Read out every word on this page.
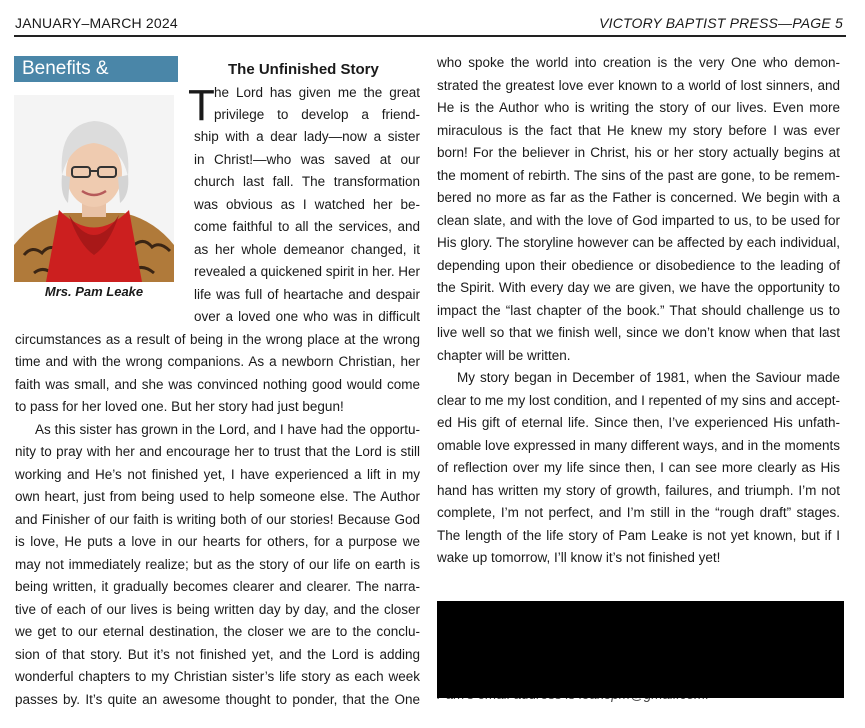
JANUARY–MARCH 2024	VICTORY BAPTIST PRESS—PAGE 5
Benefits &
Mrs. Pam Leake
The Unfinished Story
T he Lord has given me the great
privilege to develop a friend-
ship with a dear lady—now a sister
in Christ!—who was saved at our
church last fall. The transformation
was obvious as I watched her be-
come faithful to all the services, and
as her whole demeanor changed, it
revealed a quickened spirit in her. Her
life was full of heartache and despair
over a loved one who was in difficult
circumstances as a result of being in the wrong place at the wrong
time and with the wrong companions. As a newborn Christian, her
faith was small, and she was convinced nothing good would come
to pass for her loved one. But her story had just begun!
As this sister has grown in the Lord, and I have had the opportu-
nity to pray with her and encourage her to trust that the Lord is still
working and He’s not finished yet, I have experienced a lift in my
own heart, just from being used to help someone else. The Author
and Finisher of our faith is writing both of our stories! Because God
is love, He puts a love in our hearts for others, for a purpose we
may not immediately realize; but as the story of our life on earth is
being written, it gradually becomes clearer and clearer. The narra-
tive of each of our lives is being written day by day, and the closer
we get to our eternal destination, the closer we are to the conclu-
sion of that story. But it’s not finished yet, and the Lord is adding
wonderful chapters to my Christian sister’s life story as each week
passes by. It’s quite an awesome thought to ponder, that the One
who spoke the world into creation is the very One who demon-
strated the greatest love ever known to a world of lost sinners, and
He is the Author who is writing the story of our lives. Even more
miraculous is the fact that He knew my story before I was ever
born! For the believer in Christ, his or her story actually begins at
the moment of rebirth. The sins of the past are gone, to be remem-
bered no more as far as the Father is concerned. We begin with a
clean slate, and with the love of God imparted to us, to be used for
His glory. The storyline however can be affected by each individual,
depending upon their obedience or disobedience to the leading of
the Spirit. With every day we are given, we have the opportunity to
impact the “last chapter of the book.” That should challenge us to
live well so that we finish well, since we don’t know when that last
chapter will be written.
My story began in December of 1981, when the Saviour made
clear to me my lost condition, and I repented of my sins and accept-
ed His gift of eternal life. Since then, I’ve experienced His unfath-
omable love expressed in many different ways, and in the moments
of reflection over my life since then, I can see more clearly as His
hand has written my story of growth, failures, and triumph. I’m not
complete, I’m not perfect, and I’m still in the “rough draft” stages.
The length of the life story of Pam Leake is not yet known, but if I
wake up tomorrow, I’ll know it’s not finished yet!
